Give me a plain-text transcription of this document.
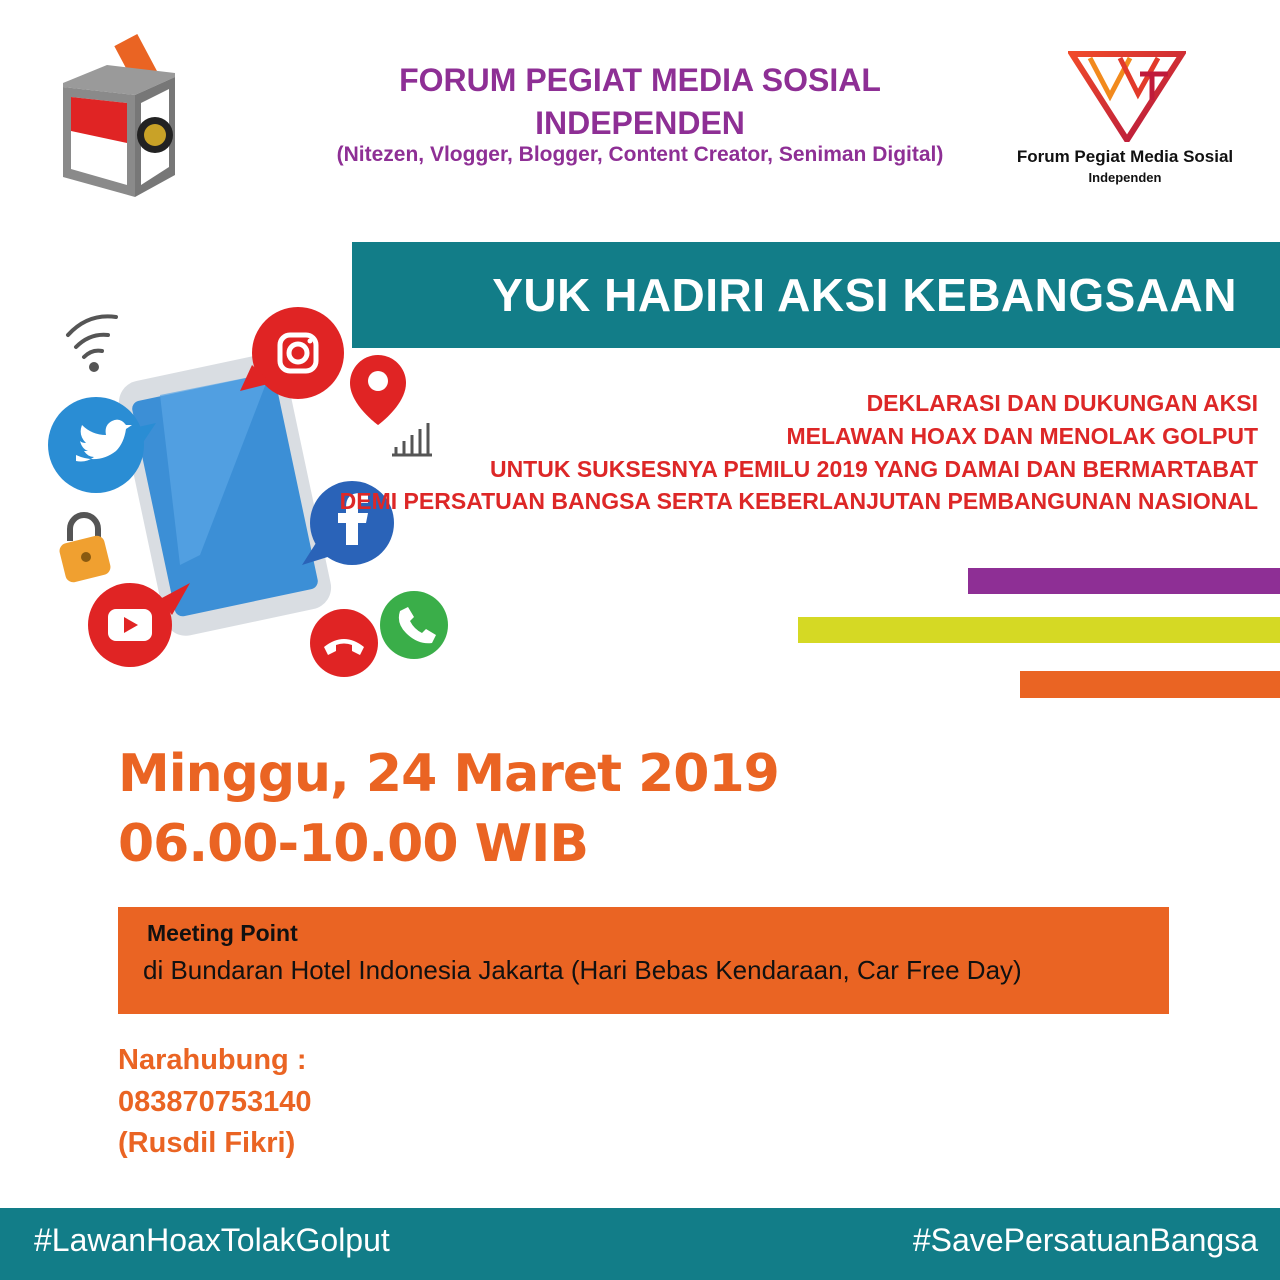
FORUM PEGIAT MEDIA SOSIAL
INDEPENDEN
(Nitezen, Vlogger, Blogger, Content Creator, Seniman Digital)	Forum Pegiat Media Sosial
Independen
YUK HADIRI AKSI KEBANGSAAN
DEKLARASI DAN DUKUNGAN AKSI
MELAWAN HOAX DAN MENOLAK GOLPUT
UNTUK SUKSESNYA PEMILU 2019 YANG DAMAI DAN BERMARTABAT
DEMI PERSATUAN BANGSA SERTA KEBERLANJUTAN PEMBANGUNAN NASIONAL
Minggu, 24 Maret 2019
06.00-10.00 WIB
Meeting Point
di Bundaran Hotel Indonesia Jakarta (Hari Bebas Kendaraan, Car Free Day)
Narahubung :
083870753140
(Rusdil Fikri)
#LawanHoaxTolakGolput	#SavePersatuanBangsa
